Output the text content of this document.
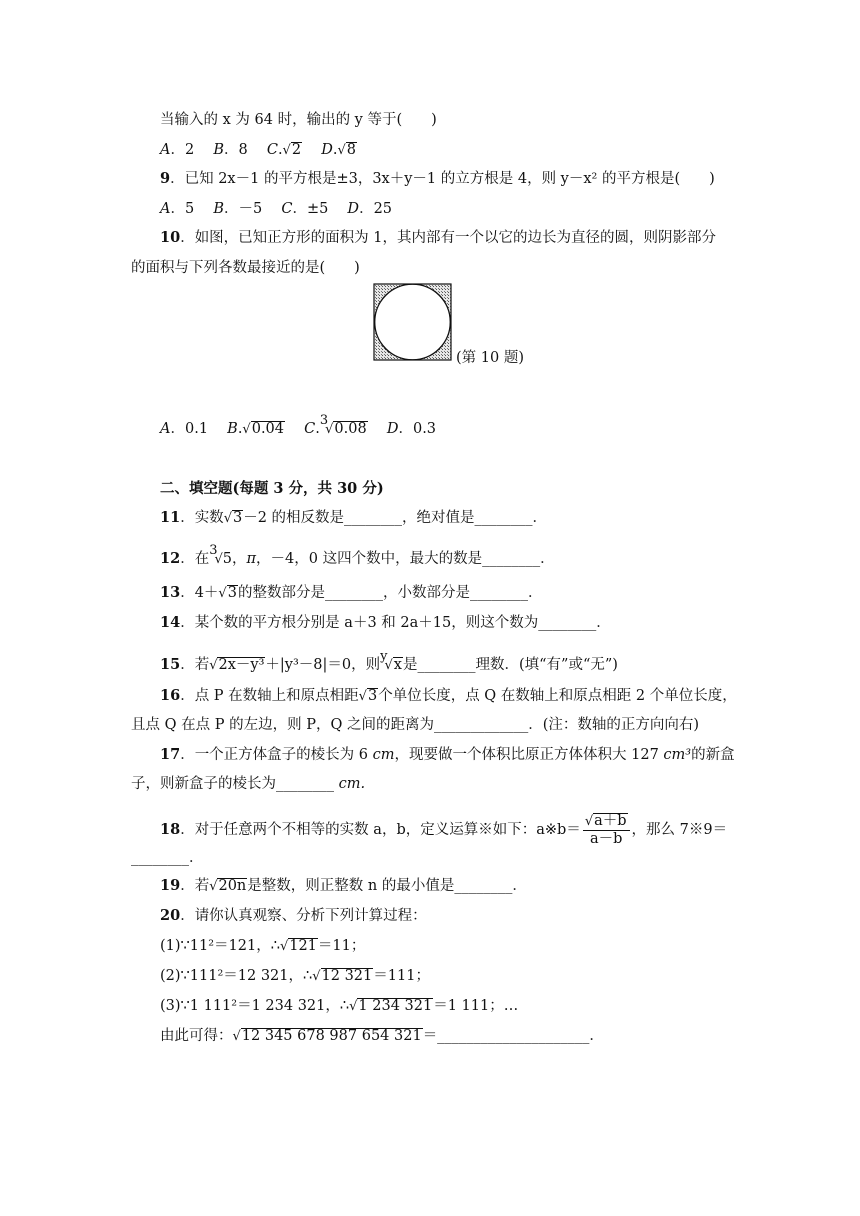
当输入的 x 为 64 时，输出的 y 等于(　　)
A．2　 B．8　 C.√2　 D.√8
9．已知 2x－1 的平方根是±3，3x＋y－1 的立方根是 4，则 y－x² 的平方根是(　　)
A．5　 B．－5　 C．±5　 D．25
10．如图，已知正方形的面积为 1，其内部有一个以它的边长为直径的圆，则阴影部分
的面积与下列各数最接近的是(　　)
(第 10 题)
A．0.1　 B.√0.04　 C.3√0.08　 D．0.3
二、填空题(每题 3 分，共 30 分)
11．实数√3－2 的相反数是________，绝对值是________．
12．在3√5，π，－4，0 这四个数中，最大的数是________．
13．4＋√3的整数部分是________，小数部分是________．
14．某个数的平方根分别是 a＋3 和 2a＋15，则这个数为________．
15．若√2x－y³＋|y³－8|＝0，则y√x是________理数．(填“有”或“无”)
16．点 P 在数轴上和原点相距√3个单位长度，点 Q 在数轴上和原点相距 2 个单位长度，
且点 Q 在点 P 的左边，则 P，Q 之间的距离为_____________．(注：数轴的正方向向右)
17．一个正方体盒子的棱长为 6 cm，现要做一个体积比原正方体体积大 127 cm³的新盒
子，则新盒子的棱长为________ cm.
18．对于任意两个不相等的实数 a，b，定义运算※如下：a※b＝ $\frac{√a+b}{a-b}$ ，那么 7※9＝
________．
19．若√20n是整数，则正整数 n 的最小值是________．
20．请你认真观察、分析下列计算过程：
(1)∵11²＝121，∴√121＝11；
(2)∵111²＝12 321，∴√12 321＝111；
(3)∵1 111²＝1 234 321，∴√1 234 321＝1 111；…
由此可得：√12 345 678 987 654 321＝_____________________．
